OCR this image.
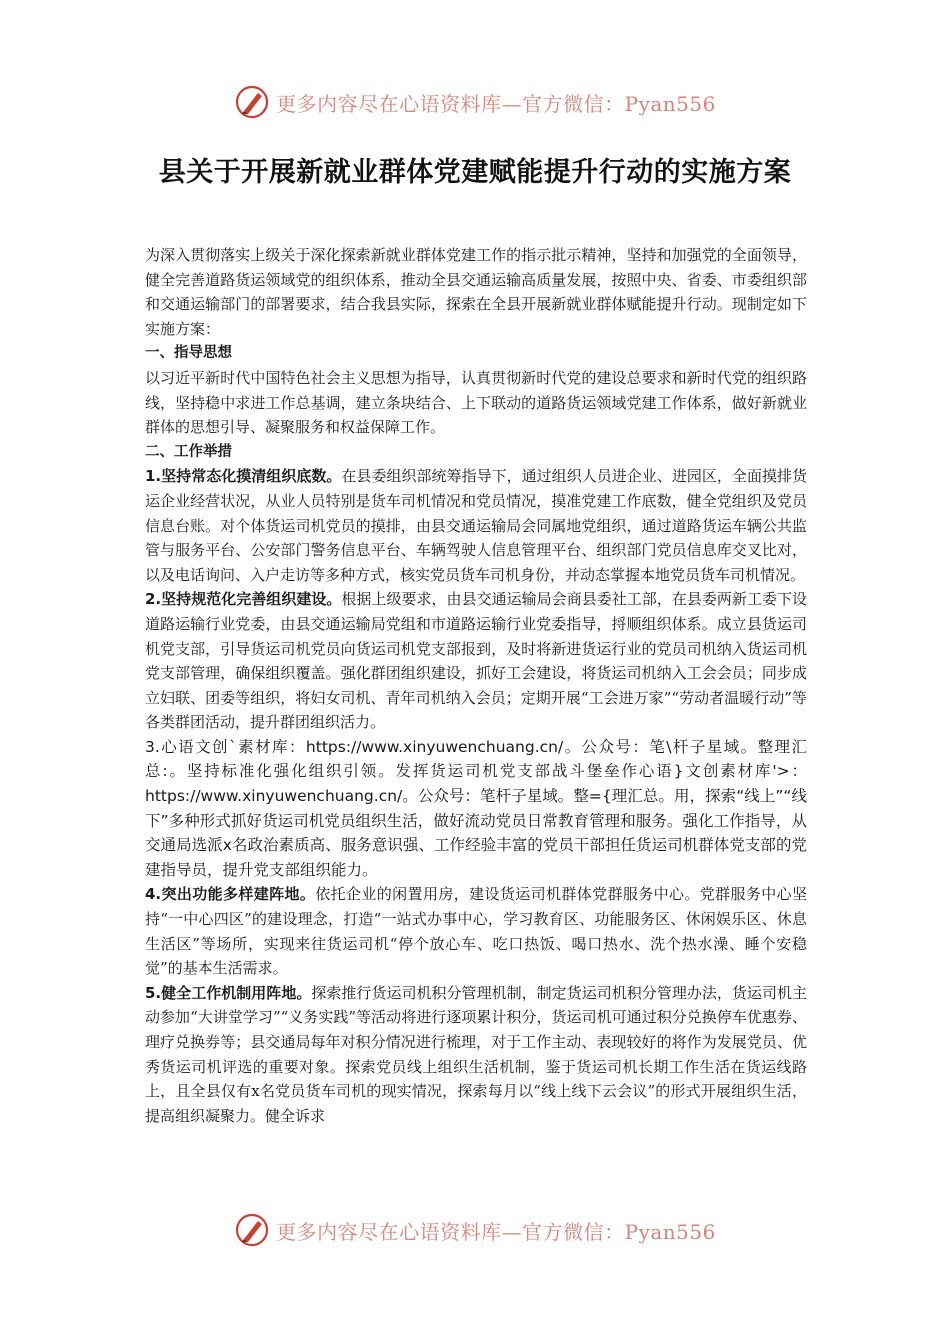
更多内容尽在心语资料库—官方微信：Pyan556
县关于开展新就业群体党建赋能提升行动的实施方案

为深入贯彻落实上级关于深化探索新就业群体党建工作的指示批示精神，坚持和加强党的全面领导，健全完善道路货运领域党的组织体系，推动全县交通运输高质量发展，按照中央、省委、市委组织部和交通运输部门的部署要求，结合我县实际，探索在全县开展新就业群体赋能提升行动。现制定如下实施方案：

一、指导思想

以习近平新时代中国特色社会主义思想为指导，认真贯彻新时代党的建设总要求和新时代党的组织路线，坚持稳中求进工作总基调，建立条块结合、上下联动的道路货运领域党建工作体系，做好新就业群体的思想引导、凝聚服务和权益保障工作。

二、工作举措

1.坚持常态化摸清组织底数。在县委组织部统筹指导下，通过组织人员进企业、进园区，全面摸排货运企业经营状况，从业人员特别是货车司机情况和党员情况，摸准党建工作底数，健全党组织及党员信息台账。对个体货运司机党员的摸排，由县交通运输局会同属地党组织，通过道路货运车辆公共监管与服务平台、公安部门警务信息平台、车辆驾驶人信息管理平台、组织部门党员信息库交叉比对，以及电话询问、入户走访等多种方式，核实党员货车司机身份，并动态掌握本地党员货车司机情况。

2.坚持规范化完善组织建设。根据上级要求，由县交通运输局会商县委社工部，在县委两新工委下设道路运输行业党委，由县交通运输局党组和市道路运输行业党委指导，捋顺组织体系。成立县货运司机党支部，引导货运司机党员向货运司机党支部报到，及时将新进货运行业的党员司机纳入货运司机党支部管理，确保组织覆盖。强化群团组织建设，抓好工会建设，将货运司机纳入工会会员；同步成立妇联、团委等组织，将妇女司机、青年司机纳入会员；定期开展“工会进万家”“劳动者温暖行动”等各类群团活动，提升群团组织活力。

3.心语文创`素材库：https://www.xinyuwenchuang.cn/。公众号：笔\杆子星域。整理汇总:。坚持标准化强化组织引领。发挥货运司机党支部战斗堡垒作心语}文创素材库'>：https://www.xinyuwenchuang.cn/。公众号：笔杆子星域。整={理汇总。用，探索“线上”“线下”多种形式抓好货运司机党员组织生活，做好流动党员日常教育管理和服务。强化工作指导，从交通局选派x名政治素质高、服务意识强、工作经验丰富的党员干部担任货运司机群体党支部的党建指导员，提升党支部组织能力。

4.突出功能多样建阵地。依托企业的闲置用房，建设货运司机群体党群服务中心。党群服务中心坚持“一中心四区”的建设理念，打造“一站式办事中心，学习教育区、功能服务区、休闲娱乐区、休息生活区”等场所，实现来往货运司机“停个放心车、吃口热饭、喝口热水、洗个热水澡、睡个安稳觉”的基本生活需求。

5.健全工作机制用阵地。探索推行货运司机积分管理机制，制定货运司机积分管理办法，货运司机主动参加“大讲堂学习”“义务实践”等活动将进行逐项累计积分，货运司机可通过积分兑换停车优惠券、理疗兑换券等；县交通局每年对积分情况进行梳理，对于工作主动、表现较好的将作为发展党员、优秀货运司机评选的重要对象。探索党员线上组织生活机制，鉴于货运司机长期工作生活在货运线路上，且全县仅有x名党员货车司机的现实情况，探索每月以“线上线下云会议”的形式开展组织生活，提高组织凝聚力。健全诉求

更多内容尽在心语资料库—官方微信：Pyan556
